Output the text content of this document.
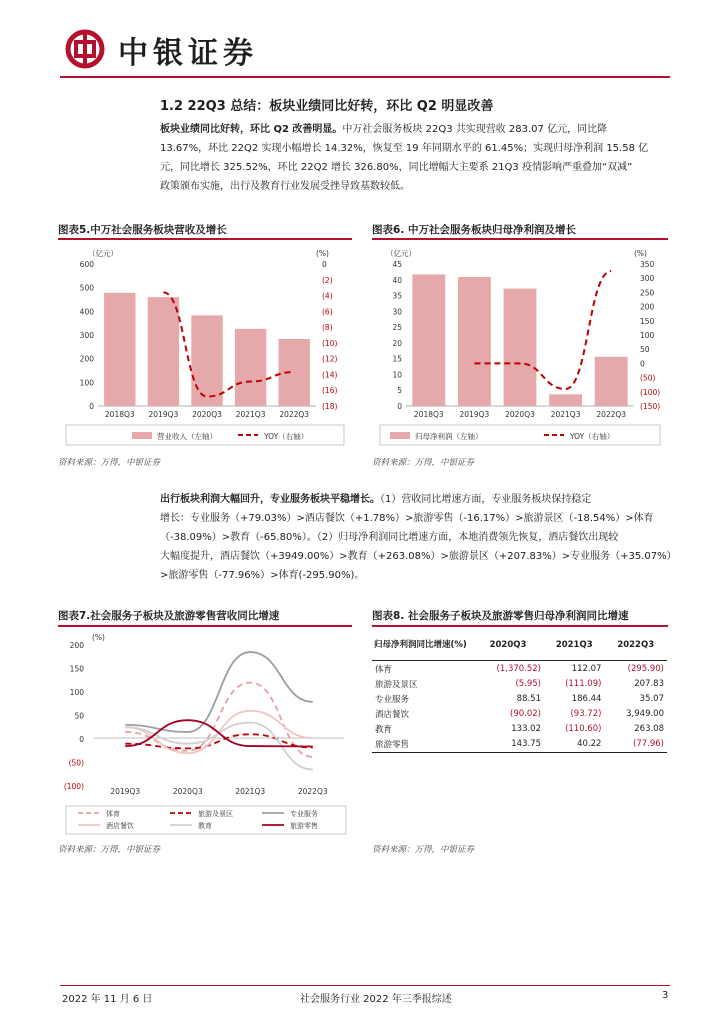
中银证券
1.2 22Q3 总结：板块业绩同比好转，环比 Q2 明显改善
板块业绩同比好转，环比 Q2 改善明显。中万社会服务板块 22Q3 共实现营收 283.07 亿元，同比降
13.67%，环比 22Q2 实现小幅增长 14.32%，恢复至 19 年同期水平的 61.45%；实现归母净利润 15.58 亿
元，同比增长 325.52%，环比 22Q2 增长 326.80%，同比增幅大主要系 21Q3 疫情影响严重叠加“双减”
政策颁布实施，出行及教育行业发展受挫导致基数较低。
图表5.中万社会服务板块营收及增长
（亿元）	(%)
0
100
200
300
400
500
600	0
(2)
(4)
(6)
(8)
(10)
(12)
(14)
(16)
(18)
2018Q3 2019Q3 2020Q3 2021Q3 2022Q3
营业收入（左轴）	YOY（右轴）
资料来源：万得，中银证券
图表6. 中万社会服务板块归母净利润及增长
（亿元）	(%)
0
5
10
15
20
25
30
35
40
45
(150)
(100)
(50)
0
50
100
150
200
250
300
350
2018Q3 2019Q3 2020Q3 2021Q3 2022Q3
归母净利润（左轴）	YOY（右轴）
资料来源：万得，中银证券
出行板块利润大幅回升，专业服务板块平稳增长。（1）营收同比增速方面，专业服务板块保持稳定
增长：专业服务（+79.03%）>酒店餐饮（+1.78%）>旅游零售（-16.17%）>旅游景区（-18.54%）>体育
（-38.09%）>教育（-65.80%）。（2）归母净利润同比增速方面，本地消费领先恢复，酒店餐饮出现较
大幅度提升，酒店餐饮（+3949.00%）>教育（+263.08%）>旅游景区（+207.83%）>专业服务（+35.07%）
>旅游零售（-77.96%）>体育(-295.90%)。
图表7.社会服务子板块及旅游零售营收同比增速
(%)
(100)
(50)
0
50
100
150
200
2019Q3	2020Q3	2021Q3	2022Q3
体育	旅游及景区	专业服务
酒店餐饮	教育	旅游零售
资料来源：万得，中银证券
图表8. 社会服务子板块及旅游零售归母净利润同比增速
归母净利润同比增速(%)	2020Q3	2021Q3	2022Q3
体育	(1,370.52)	112.07	(295.90)
旅游及景区	(5.95)	(111.09)	207.83
专业服务	88.51	186.44	35.07
酒店餐饮	(90.02)	(93.72)	3,949.00
教育	133.02	(110.60)	263.08
旅游零售	143.75	40.22	(77.96)
资料来源：万得，中银证券
2022 年 11 月 6 日	社会服务行业 2022 年三季报综述	3
